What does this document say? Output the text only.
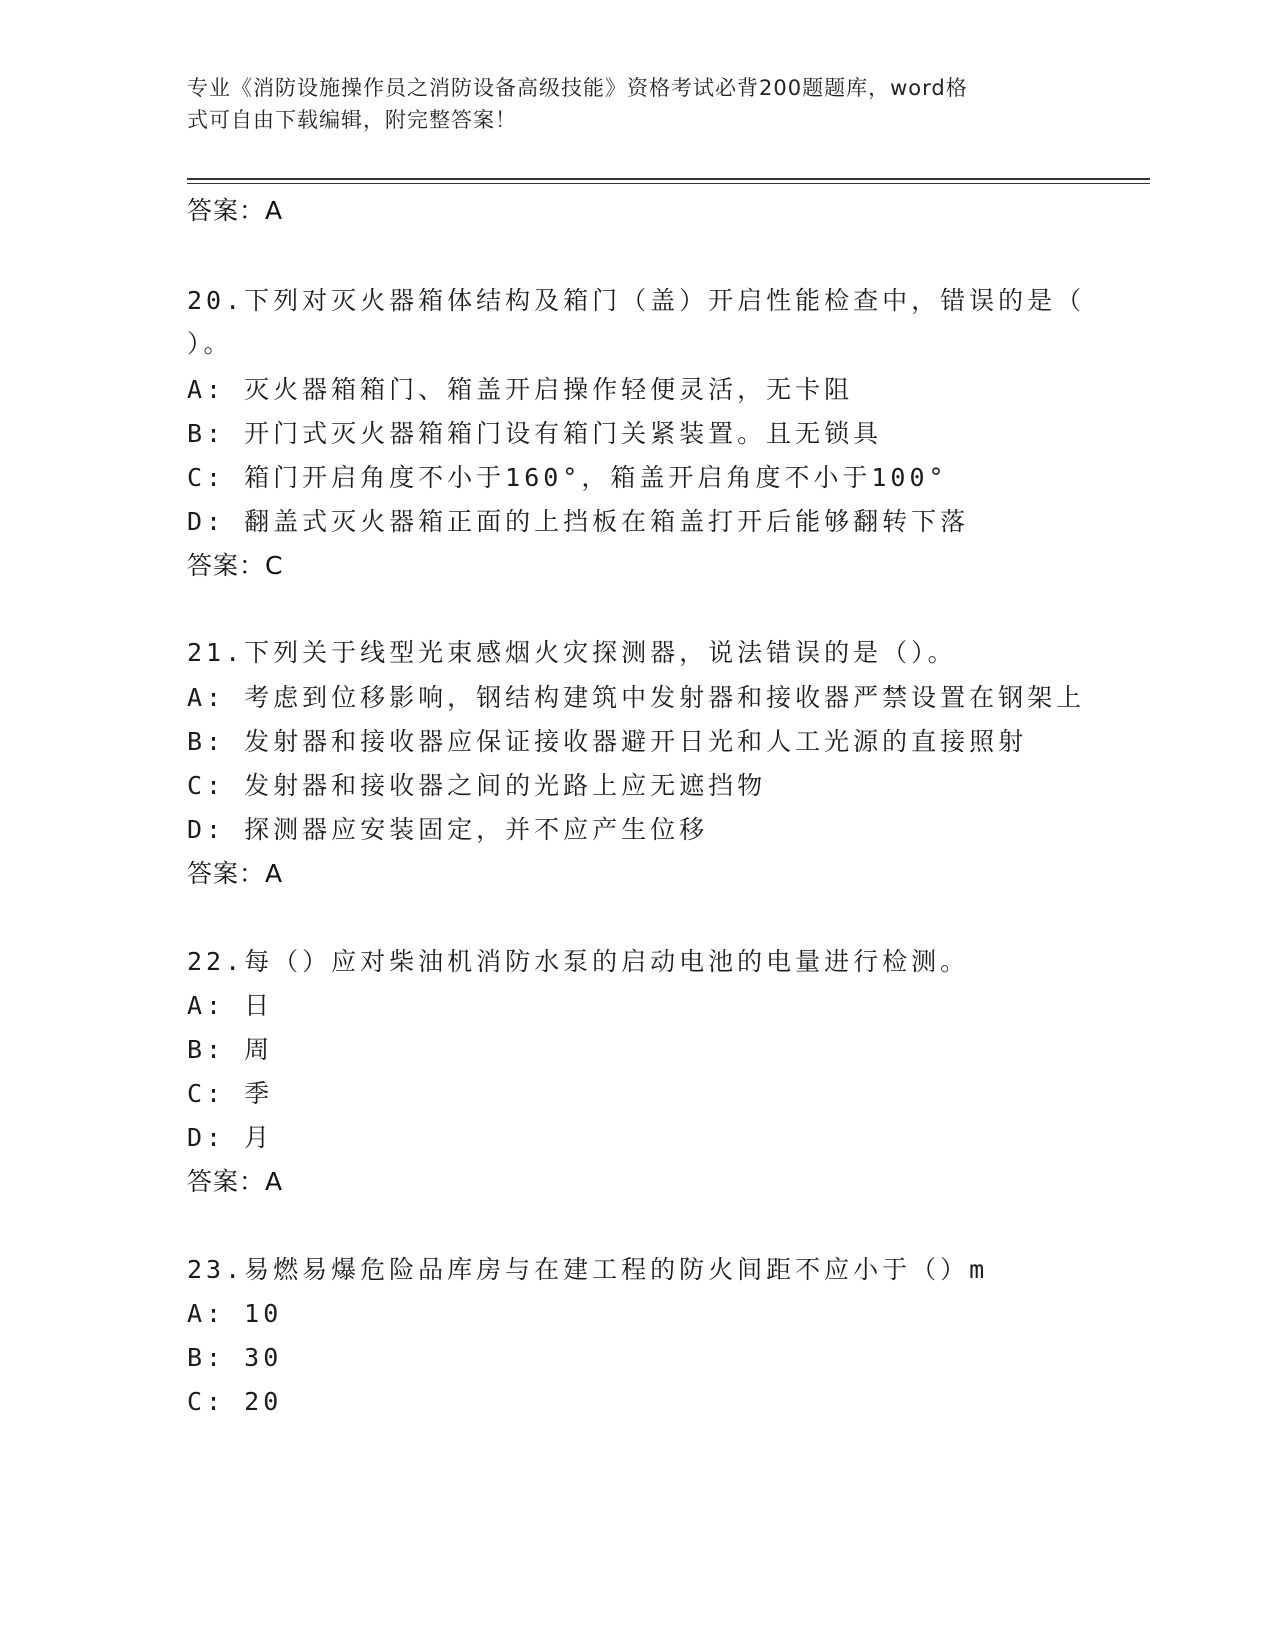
专业《消防设施操作员之消防设备高级技能》资格考试必背200题题库，word格
式可自由下载编辑，附完整答案！
答案：A
20.下列对灭火器箱体结构及箱门（盖）开启性能检查中，错误的是（
）。
A: 灭火器箱箱门、箱盖开启操作轻便灵活，无卡阻
B: 开门式灭火器箱箱门设有箱门关紧装置。且无锁具
C: 箱门开启角度不小于160°，箱盖开启角度不小于100°
D: 翻盖式灭火器箱正面的上挡板在箱盖打开后能够翻转下落
答案：C
21.下列关于线型光束感烟火灾探测器，说法错误的是（）。
A: 考虑到位移影响，钢结构建筑中发射器和接收器严禁设置在钢架上
B: 发射器和接收器应保证接收器避开日光和人工光源的直接照射
C: 发射器和接收器之间的光路上应无遮挡物
D: 探测器应安装固定，并不应产生位移
答案：A
22.每（）应对柴油机消防水泵的启动电池的电量进行检测。
A: 日
B: 周
C: 季
D: 月
答案：A
23.易燃易爆危险品库房与在建工程的防火间距不应小于（）m
A: 10
B: 30
C: 20
